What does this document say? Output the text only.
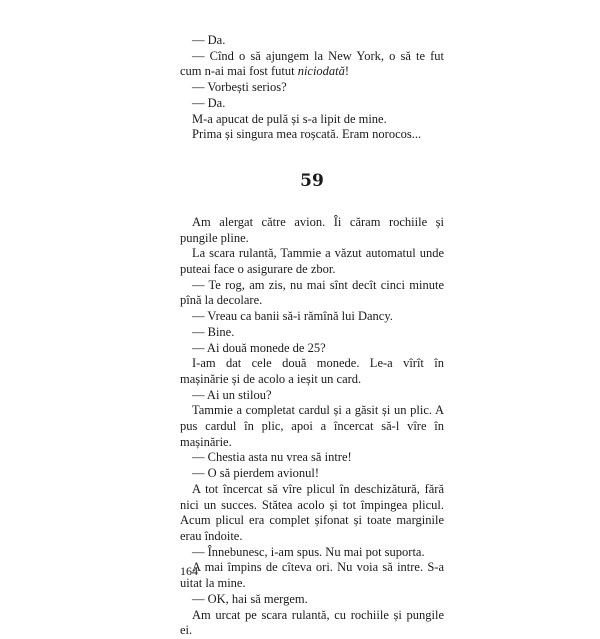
— Da.

— Cînd o să ajungem la New York, o să te fut cum n-ai mai fost futut niciodată!

— Vorbești serios?

— Da.

M-a apucat de pulă și s-a lipit de mine.

Prima și singura mea roșcată. Eram norocos...

59

Am alergat către avion. Îi căram rochiile și pungile pline.

La scara rulantă, Tammie a văzut automatul unde puteai face o asigurare de zbor.

— Te rog, am zis, nu mai sînt decît cinci minute pînă la decolare.

— Vreau ca banii să-i rămînă lui Dancy.

— Bine.

— Ai două monede de 25?

I-am dat cele două monede. Le-a vîrît în mașinărie și de acolo a ieșit un card.

— Ai un stilou?

Tammie a completat cardul și a găsit și un plic. A pus cardul în plic, apoi a încercat să-l vîre în mașinărie.

— Chestia asta nu vrea să intre!

— O să pierdem avionul!

A tot încercat să vîre plicul în deschizătură, fără nici un succes. Stătea acolo și tot împingea plicul. Acum plicul era complet șifonat și toate marginile erau îndoite.

— Înnebunesc, i-am spus. Nu mai pot suporta.

A mai împins de cîteva ori. Nu voia să intre. S-a uitat la mine.

— OK, hai să mergem.

Am urcat pe scara rulantă, cu rochiile și pungile ei.

164
